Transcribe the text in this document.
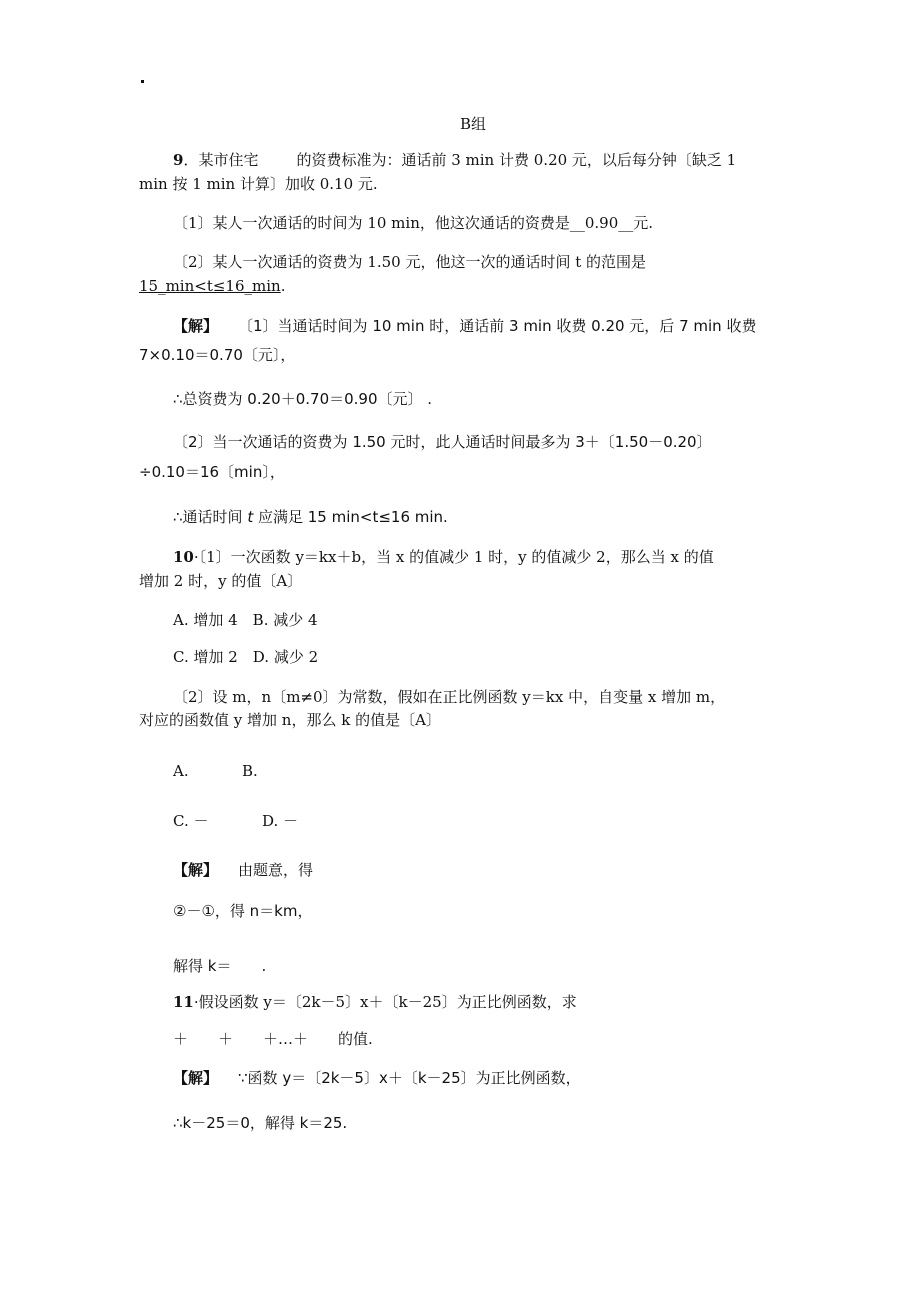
B组
9．某市住宅	的资费标准为：通话前 3 min 计费 0.20 元，以后每分钟〔缺乏 1
min 按 1 min 计算〕加收 0.10 元.
〔1〕某人一次通话的时间为 10 min，他这次通话的资费是__0.90__元.
〔2〕某人一次通话的资费为 1.50 元，他这一次的通话时间 t 的范围是
15_min<t≤16_min.
【解】 〔1〕当通话时间为 10 min 时，通话前 3 min 收费 0.20 元，后 7 min 收费
7×0.10＝0.70〔元〕，
∴总资费为 0.20＋0.70＝0.90〔元〕 .
〔2〕当一次通话的资费为 1.50 元时，此人通话时间最多为 3＋〔1.50－0.20〕
÷0.10＝16〔min〕，
∴通话时间 t 应满足 15 min<t≤16 min.
10·〔1〕一次函数 y＝kx＋b，当 x 的值减少 1 时，y 的值减少 2，那么当 x 的值
增加 2 时，y 的值〔A〕
A. 增加 4　B. 减少 4
C. 增加 2　D. 减少 2
〔2〕设 m，n〔m≠0〕为常数，假如在正比例函数 y＝kx 中，自变量 x 增加 m，
对应的函数值 y 增加 n，那么 k 的值是〔A〕
A.	B.
C. －	D. －
【解】 由题意，得
②－①，得 n＝km，
解得 k＝　　.
11·假设函数 y＝〔2k－5〕x＋〔k－25〕为正比例函数，求
＋　　＋　　＋…＋　　的值.
【解】 ∵函数 y＝〔2k－5〕x＋〔k－25〕为正比例函数，
∴k－25＝0，解得 k＝25.
